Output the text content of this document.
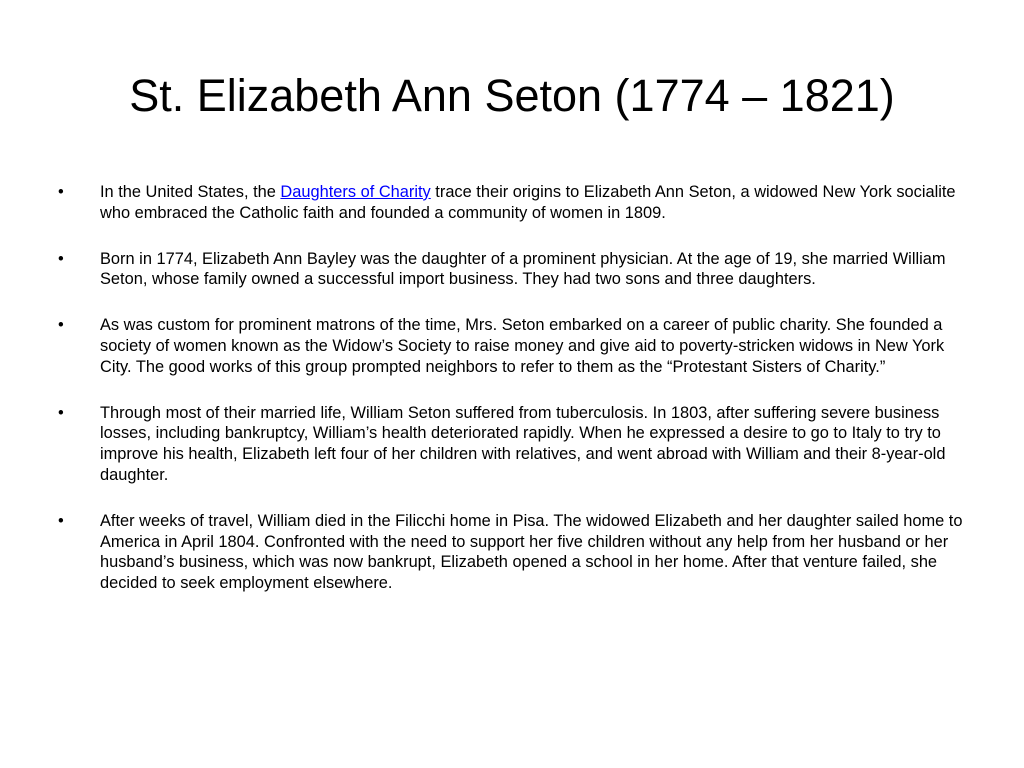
St. Elizabeth Ann Seton (1774 – 1821)
•	In the United States, the Daughters of Charity trace their origins to Elizabeth Ann Seton, a widowed New York socialite who embraced the Catholic faith and founded a community of women in 1809.
•	Born in 1774, Elizabeth Ann Bayley was the daughter of a prominent physician. At the age of 19, she married William Seton, whose family owned a successful import business. They had two sons and three daughters.
•	As was custom for prominent matrons of the time, Mrs. Seton embarked on a career of public charity. She founded a society of women known as the Widow’s Society to raise money and give aid to poverty-stricken widows in New York City. The good works of this group prompted neighbors to refer to them as the “Protestant Sisters of Charity.”
•	Through most of their married life, William Seton suffered from tuberculosis. In 1803, after suffering severe business losses, including bankruptcy, William’s health deteriorated rapidly. When he expressed a desire to go to Italy to try to improve his health, Elizabeth left four of her children with relatives, and went abroad with William and their 8-year-old daughter.
•	After weeks of travel, William died in the Filicchi home in Pisa. The widowed Elizabeth and her daughter sailed home to America in April 1804. Confronted with the need to support her five children without any help from her husband or her husband’s business, which was now bankrupt, Elizabeth opened a school in her home. After that venture failed, she decided to seek employment elsewhere.
